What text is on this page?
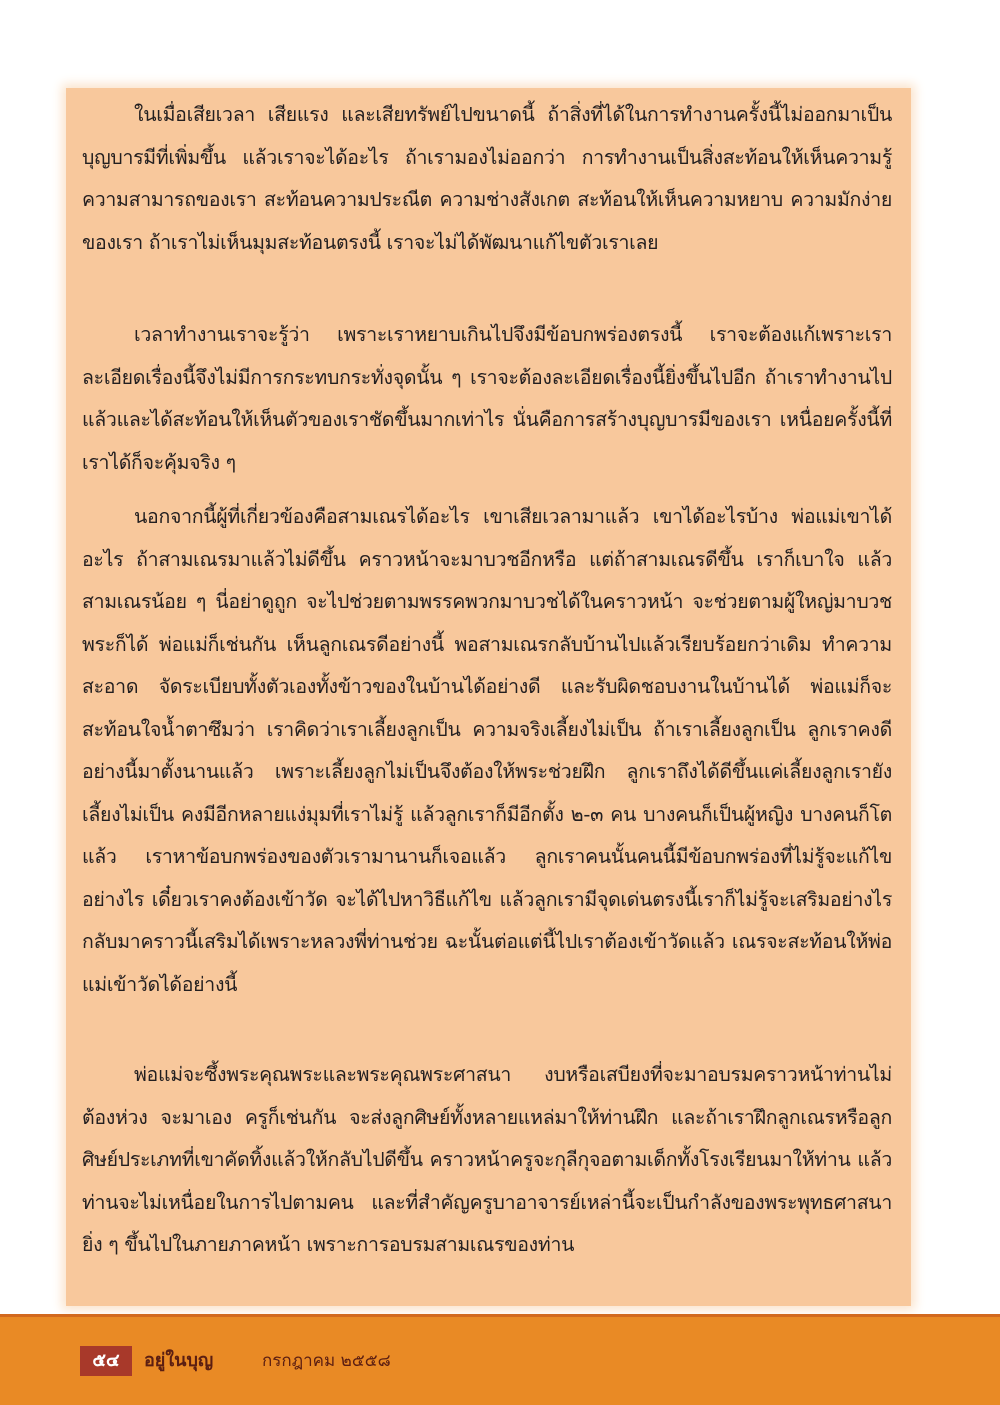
ในเมื่อเสียเวลา เสียแรง และเสียทรัพย์ไปขนาดนี้ ถ้าสิ่งที่ได้ในการทำงานครั้งนี้ไม่ออกมาเป็นบุญบารมีที่เพิ่มขึ้น แล้วเราจะได้อะไร ถ้าเรามองไม่ออกว่า การทำงานเป็นสิ่งสะท้อนให้เห็นความรู้ความสามารถของเรา สะท้อนความประณีต ความช่างสังเกต สะท้อนให้เห็นความหยาบ ความมักง่ายของเรา ถ้าเราไม่เห็นมุมสะท้อนตรงนี้ เราจะไม่ได้พัฒนาแก้ไขตัวเราเลย

เวลาทำงานเราจะรู้ว่า เพราะเราหยาบเกินไปจึงมีข้อบกพร่องตรงนี้ เราจะต้องแก้เพราะเราละเอียดเรื่องนี้จึงไม่มีการกระทบกระทั่งจุดนั้น ๆ เราจะต้องละเอียดเรื่องนี้ยิ่งขึ้นไปอีก ถ้าเราทำงานไปแล้วและได้สะท้อนให้เห็นตัวของเราชัดขึ้นมากเท่าไร นั่นคือการสร้างบุญบารมีของเรา เหนื่อยครั้งนี้ที่เราได้ก็จะคุ้มจริง ๆ

นอกจากนี้ผู้ที่เกี่ยวข้องคือสามเณรได้อะไร เขาเสียเวลามาแล้ว เขาได้อะไรบ้าง พ่อแม่เขาได้อะไร ถ้าสามเณรมาแล้วไม่ดีขึ้น คราวหน้าจะมาบวชอีกหรือ แต่ถ้าสามเณรดีขึ้น เราก็เบาใจ แล้วสามเณรน้อย ๆ นี่อย่าดูถูก จะไปช่วยตามพรรคพวกมาบวชได้ในคราวหน้า จะช่วยตามผู้ใหญ่มาบวชพระก็ได้ พ่อแม่ก็เช่นกัน เห็นลูกเณรดีอย่างนี้ พอสามเณรกลับบ้านไปแล้วเรียบร้อยกว่าเดิม ทำความสะอาด จัดระเบียบทั้งตัวเองทั้งข้าวของในบ้านได้อย่างดี และรับผิดชอบงานในบ้านได้ พ่อแม่ก็จะสะท้อนใจน้ำตาซึมว่า เราคิดว่าเราเลี้ยงลูกเป็น ความจริงเลี้ยงไม่เป็น ถ้าเราเลี้ยงลูกเป็น ลูกเราคงดีอย่างนี้มาตั้งนานแล้ว เพราะเลี้ยงลูกไม่เป็นจึงต้องให้พระช่วยฝึก ลูกเราถึงได้ดีขึ้นแค่เลี้ยงลูกเรายังเลี้ยงไม่เป็น คงมีอีกหลายแง่มุมที่เราไม่รู้ แล้วลูกเราก็มีอีกตั้ง ๒-๓ คน บางคนก็เป็นผู้หญิง บางคนก็โตแล้ว เราหาข้อบกพร่องของตัวเรามานานก็เจอแล้ว ลูกเราคนนั้นคนนี้มีข้อบกพร่องที่ไม่รู้จะแก้ไขอย่างไร เดี๋ยวเราคงต้องเข้าวัด จะได้ไปหาวิธีแก้ไข แล้วลูกเรามีจุดเด่นตรงนี้เราก็ไม่รู้จะเสริมอย่างไร กลับมาคราวนี้เสริมได้เพราะหลวงพี่ท่านช่วย ฉะนั้นต่อแต่นี้ไปเราต้องเข้าวัดแล้ว เณรจะสะท้อนให้พ่อแม่เข้าวัดได้อย่างนี้

พ่อแม่จะซึ้งพระคุณพระและพระคุณพระศาสนา งบหรือเสบียงที่จะมาอบรมคราวหน้าท่านไม่ต้องห่วง จะมาเอง ครูก็เช่นกัน จะส่งลูกศิษย์ทั้งหลายแหล่มาให้ท่านฝึก และถ้าเราฝึกลูกเณรหรือลูกศิษย์ประเภทที่เขาคัดทิ้งแล้วให้กลับไปดีขึ้น คราวหน้าครูจะกุลีกุจอตามเด็กทั้งโรงเรียนมาให้ท่าน แล้วท่านจะไม่เหนื่อยในการไปตามคน และที่สำคัญครูบาอาจารย์เหล่านี้จะเป็นกำลังของพระพุทธศาสนายิ่ง ๆ ขึ้นไปในภายภาคหน้า เพราะการอบรมสามเณรของท่าน

๕๔	อยู่ในบุญ	กรกฎาคม ๒๕๕๘
